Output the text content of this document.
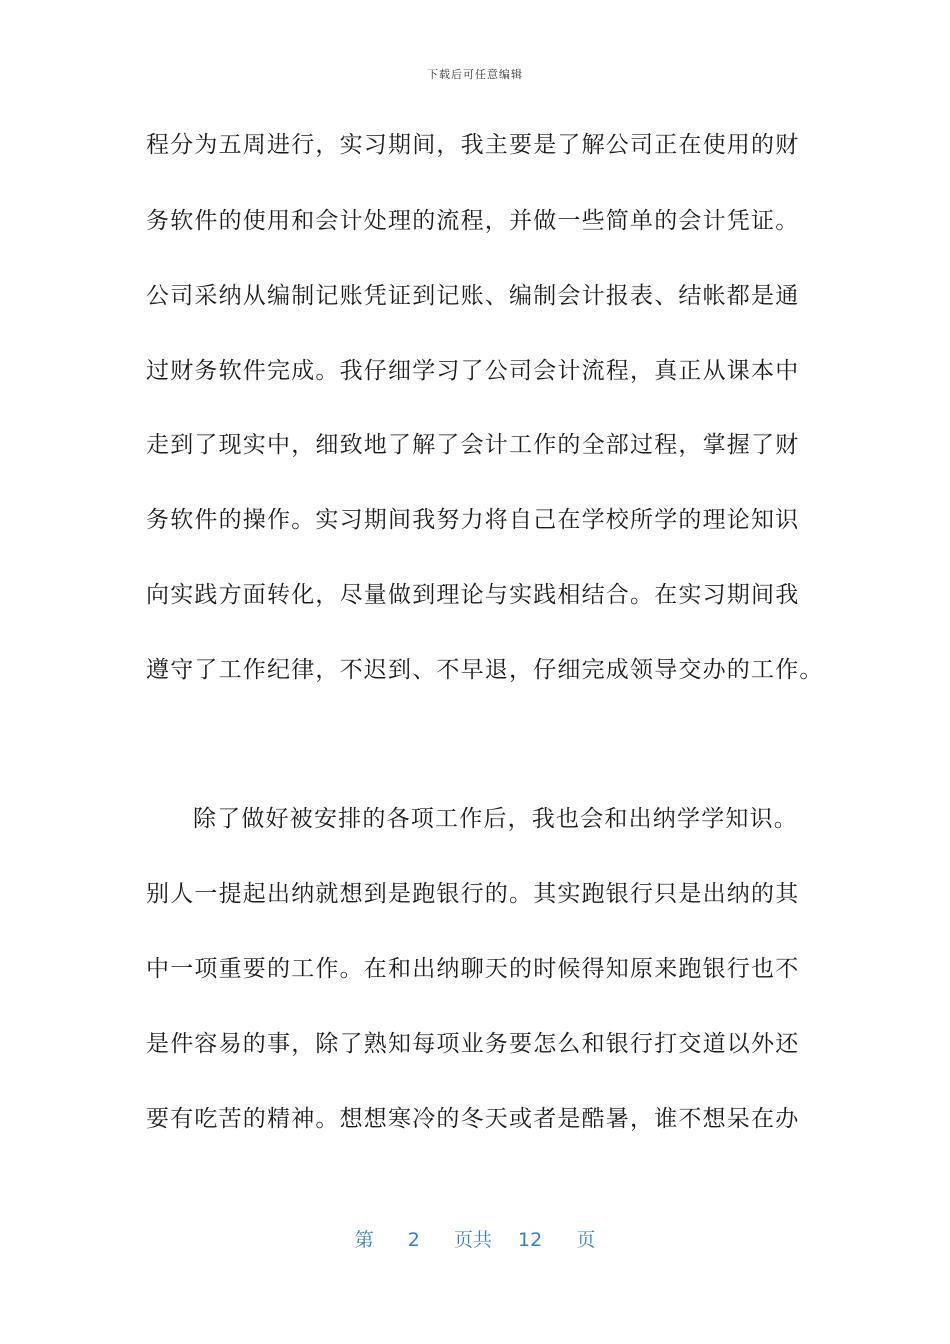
下载后可任意编辑
程分为五周进行，实习期间，我主要是了解公司正在使用的财
务软件的使用和会计处理的流程，并做一些简单的会计凭证。
公司采纳从编制记账凭证到记账、编制会计报表、结帐都是通
过财务软件完成。我仔细学习了公司会计流程，真正从课本中
走到了现实中，细致地了解了会计工作的全部过程，掌握了财
务软件的操作。实习期间我努力将自己在学校所学的理论知识
向实践方面转化，尽量做到理论与实践相结合。在实习期间我
遵守了工作纪律，不迟到、不早退，仔细完成领导交办的工作。
除了做好被安排的各项工作后，我也会和出纳学学知识。
别人一提起出纳就想到是跑银行的。其实跑银行只是出纳的其
中一项重要的工作。在和出纳聊天的时候得知原来跑银行也不
是件容易的事，除了熟知每项业务要怎么和银行打交道以外还
要有吃苦的精神。想想寒冷的冬天或者是酷暑，谁不想呆在办
第 2 页共 12 页
